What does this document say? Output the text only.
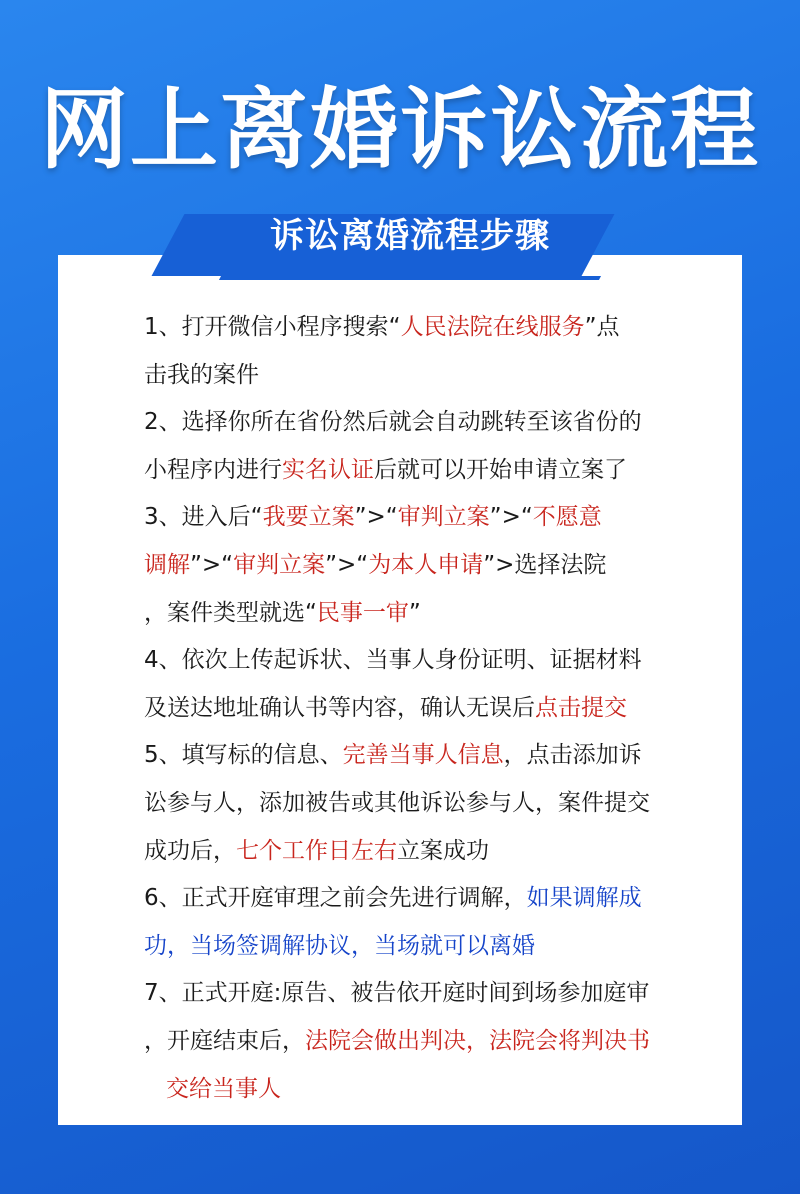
网上离婚诉讼流程
诉讼离婚流程步骤

1、打开微信小程序搜索“人民法院在线服务”点

击我的案件

2、选择你所在省份然后就会自动跳转至该省份的

小程序内进行实名认证后就可以开始申请立案了

3、进入后“我要立案”>“审判立案”>“不愿意

调解”>“审判立案”>“为本人申请”>选择法院

，案件类型就选“民事一审”

4、依次上传起诉状、当事人身份证明、证据材料

及送达地址确认书等内容，确认无误后点击提交

5、填写标的信息、完善当事人信息，点击添加诉

讼参与人，添加被告或其他诉讼参与人，案件提交

成功后，七个工作日左右立案成功

6、正式开庭审理之前会先进行调解，如果调解成

功，当场签调解协议，当场就可以离婚

7、正式开庭:原告、被告依开庭时间到场参加庭审

，开庭结束后，法院会做出判决，法院会将判决书

交给当事人
